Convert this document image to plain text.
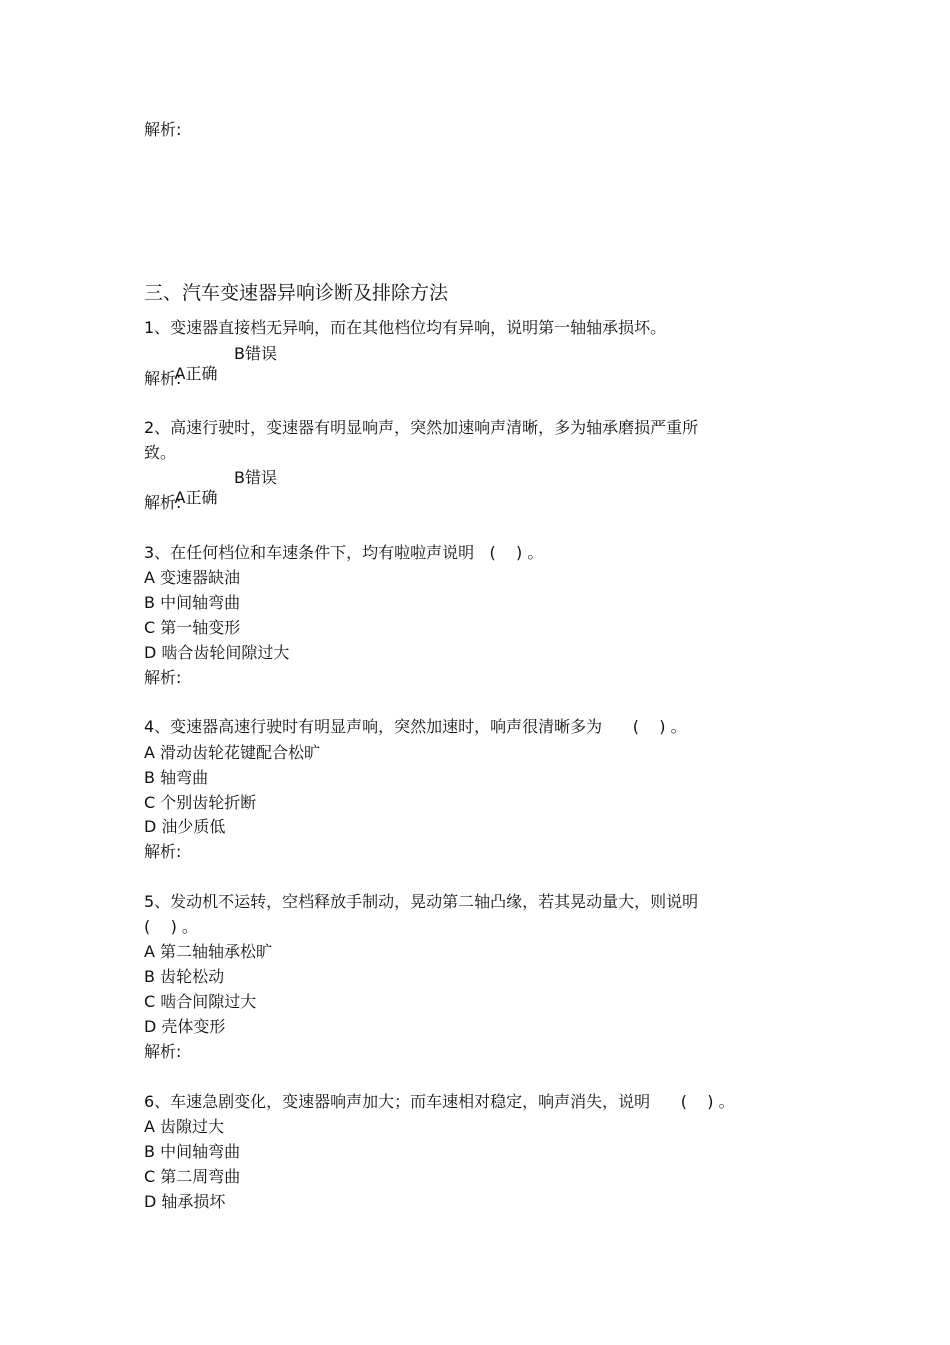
解析:
三、汽车变速器异响诊断及排除方法
1、变速器直接档无异响，而在其他档位均有异响，说明第一轴轴承损坏。

A正确

B错误

解析:
2、高速行驶时，变速器有明显响声，突然加速响声清晰，多为轴承磨损严重所
致。

A正确

B错误

解析:
3、在任何档位和车速条件下，均有啦啦声说明   (    ) 。
A 变速器缺油
B 中间轴弯曲
C 第一轴变形
D 啮合齿轮间隙过大
解析:
4、变速器高速行驶时有明显声响，突然加速时，响声很清晰多为      (    ) 。
A 滑动齿轮花键配合松旷
B 轴弯曲
C 个别齿轮折断
D 油少质低
解析:
5、发动机不运转，空档释放手制动，晃动第二轴凸缘，若其晃动量大，则说明
(    ) 。
A 第二轴轴承松旷
B 齿轮松动
C 啮合间隙过大
D 壳体变形
解析:
6、车速急剧变化，变速器响声加大；而车速相对稳定，响声消失，说明      (    ) 。
A 齿隙过大
B 中间轴弯曲
C 第二周弯曲
D 轴承损坏
